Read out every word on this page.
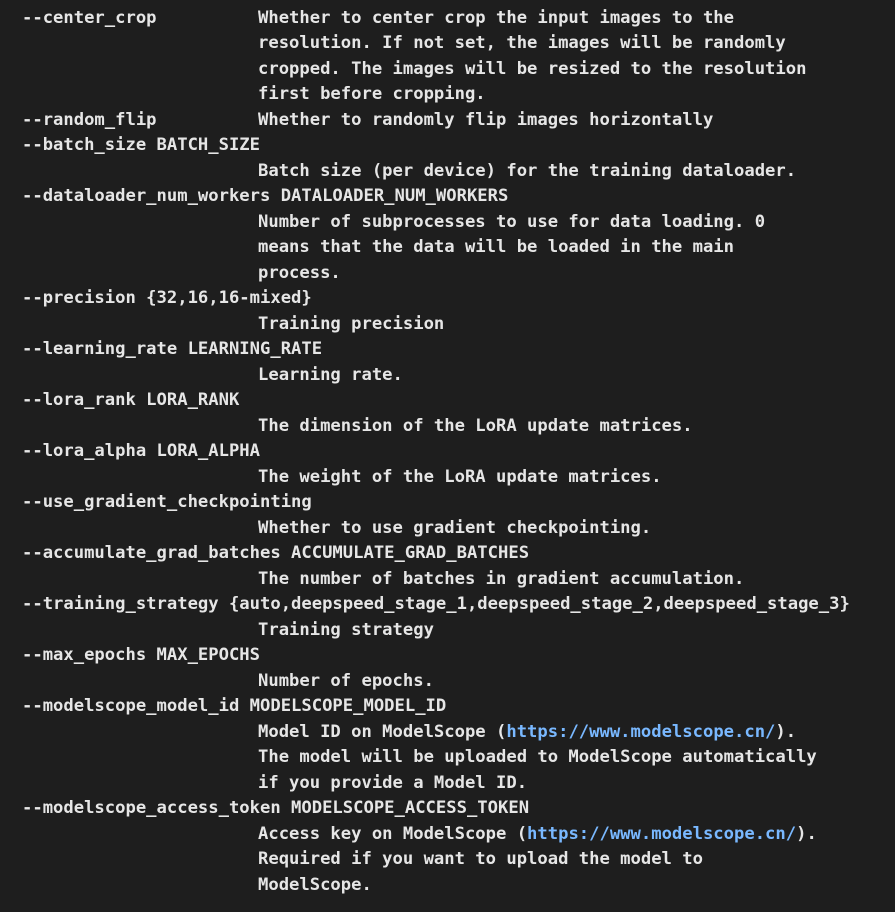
--center_crop	Whether to center crop the input images to the
resolution. If not set, the images will be randomly
cropped. The images will be resized to the resolution
first before cropping.
--random_flip	Whether to randomly flip images horizontally
--batch_size BATCH_SIZE
Batch size (per device) for the training dataloader.
--dataloader_num_workers DATALOADER_NUM_WORKERS
Number of subprocesses to use for data loading. 0
means that the data will be loaded in the main
process.
--precision {32,16,16-mixed}
Training precision
--learning_rate LEARNING_RATE
Learning rate.
--lora_rank LORA_RANK
The dimension of the LoRA update matrices.
--lora_alpha LORA_ALPHA
The weight of the LoRA update matrices.
--use_gradient_checkpointing
Whether to use gradient checkpointing.
--accumulate_grad_batches ACCUMULATE_GRAD_BATCHES
The number of batches in gradient accumulation.
--training_strategy {auto,deepspeed_stage_1,deepspeed_stage_2,deepspeed_stage_3}
Training strategy
--max_epochs MAX_EPOCHS
Number of epochs.
--modelscope_model_id MODELSCOPE_MODEL_ID
Model ID on ModelScope (https://www.modelscope.cn/).
The model will be uploaded to ModelScope automatically
if you provide a Model ID.
--modelscope_access_token MODELSCOPE_ACCESS_TOKEN
Access key on ModelScope (https://www.modelscope.cn/).
Required if you want to upload the model to
ModelScope.
